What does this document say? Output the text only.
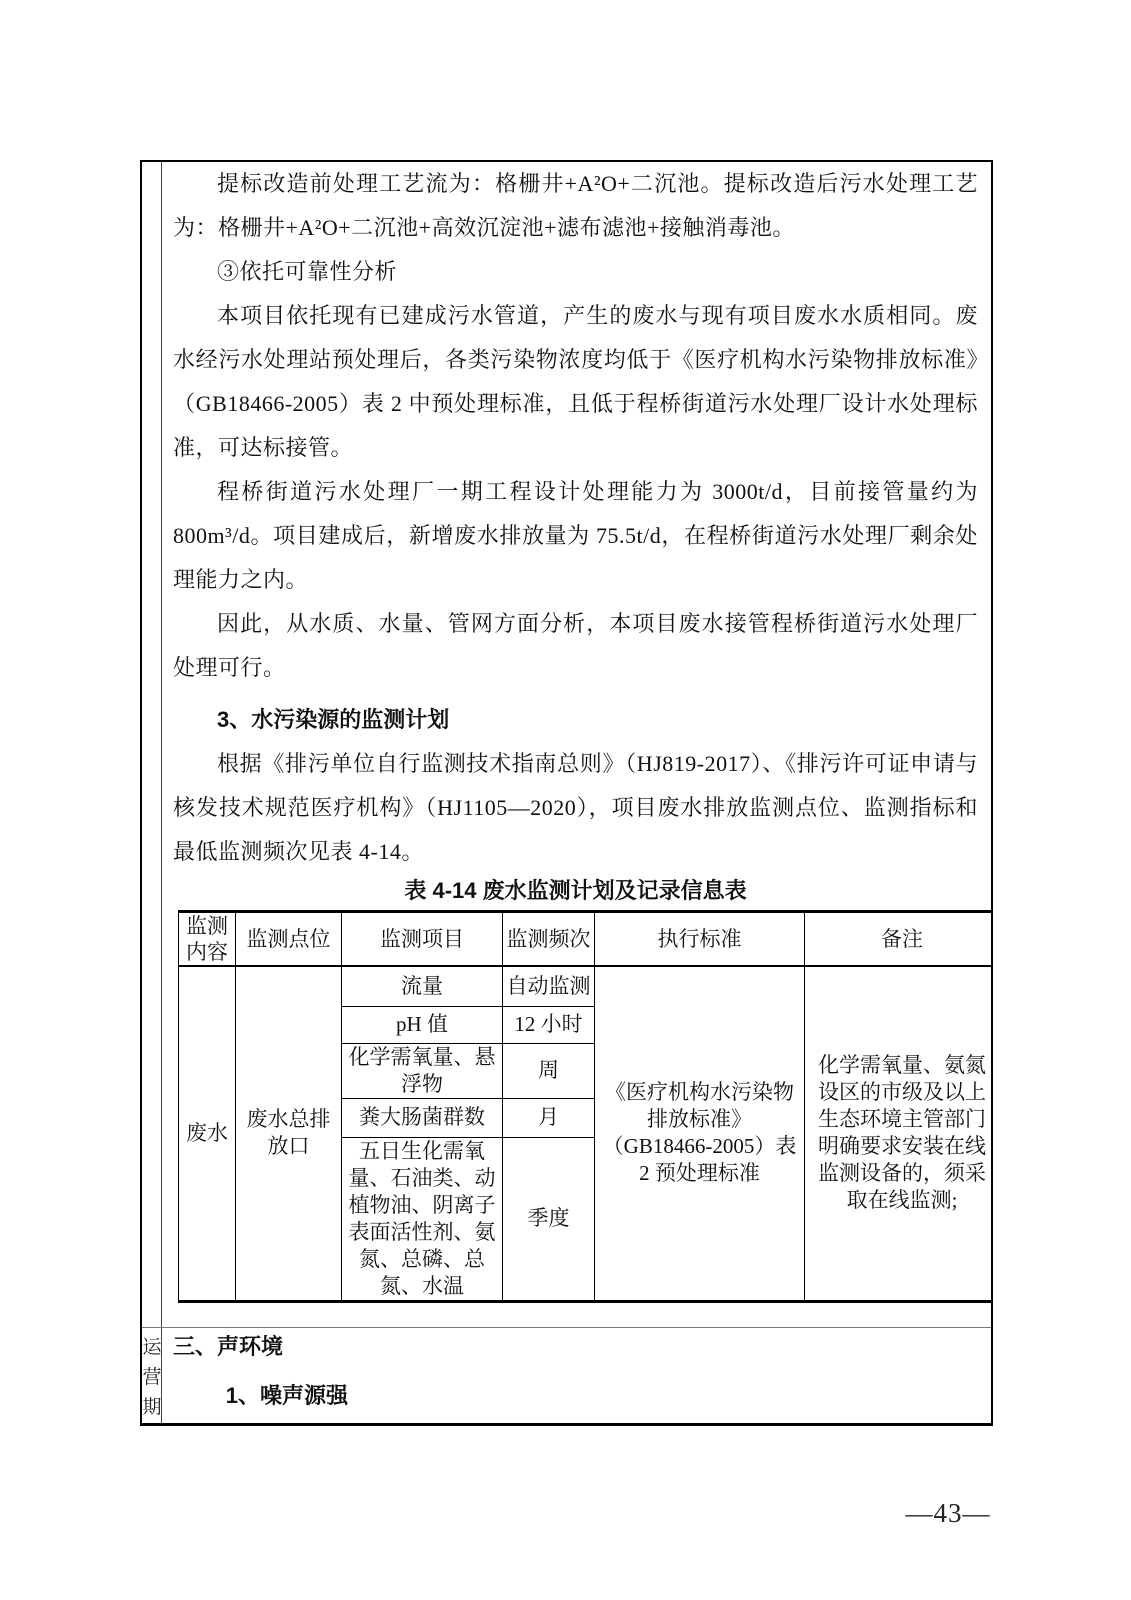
提标改造前处理工艺流为：格栅井+A²O+二沉池。提标改造后污水处理工艺为：格栅井+A²O+二沉池+高效沉淀池+滤布滤池+接触消毒池。
③依托可靠性分析
本项目依托现有已建成污水管道，产生的废水与现有项目废水水质相同。废水经污水处理站预处理后，各类污染物浓度均低于《医疗机构水污染物排放标准》（GB18466-2005）表 2 中预处理标准，且低于程桥街道污水处理厂设计水处理标准，可达标接管。
程桥街道污水处理厂一期工程设计处理能力为 3000t/d，目前接管量约为 800m³/d。项目建成后，新增废水排放量为 75.5t/d，在程桥街道污水处理厂剩余处理能力之内。
因此，从水质、水量、管网方面分析，本项目废水接管程桥街道污水处理厂处理可行。
3、水污染源的监测计划
根据《排污单位自行监测技术指南总则》（HJ819-2017）、《排污许可证申请与核发技术规范医疗机构》（HJ1105—2020），项目废水排放监测点位、监测指标和最低监测频次见表 4-14。
表 4-14 废水监测计划及记录信息表
监测内容	监测点位	监测项目	监测频次	执行标准	备注
废水	废水总排放口	流量	自动监测	《医疗机构水污染物排放标准》（GB18466-2005）表 2 预处理标准	化学需氧量、氨氮设区的市级及以上生态环境主管部门明确要求安装在线监测设备的，须采取在线监测;
		pH 值	12 小时		
		化学需氧量、悬浮物	周		
		粪大肠菌群数	月		
		五日生化需氧量、石油类、动植物油、阴离子表面活性剂、氨氮、总磷、总氮、水温	季度		
运营期
三、声环境
1、噪声源强
—43—
